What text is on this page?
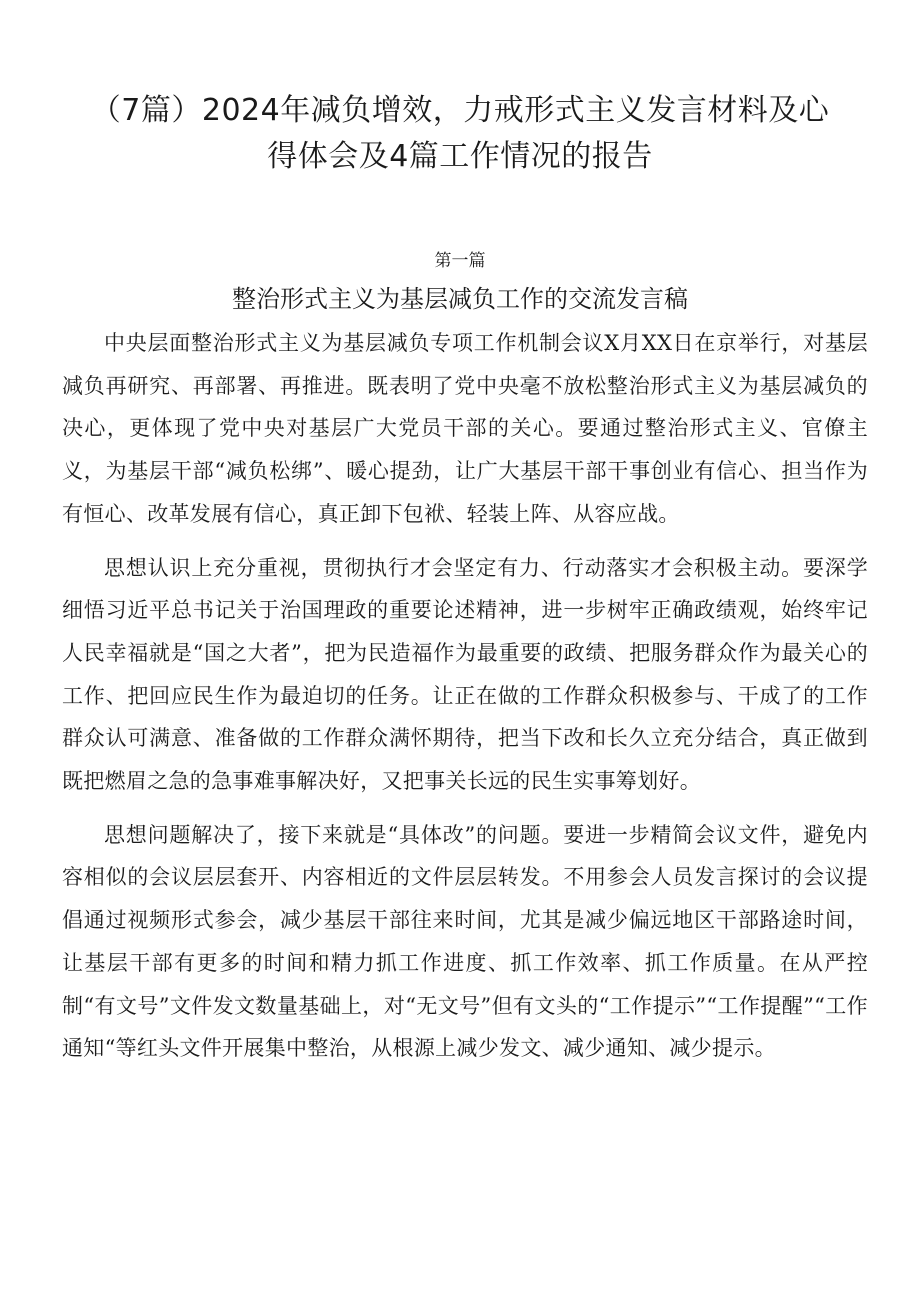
（7篇）2024年减负增效，力戒形式主义发言材料及心
得体会及4篇工作情况的报告
第一篇
整治形式主义为基层减负工作的交流发言稿

中央层面整治形式主义为基层减负专项工作机制会议X月XX日在京举行，对基层减负再研究、再部署、再推进。既表明了党中央毫不放松整治形式主义为基层减负的决心，更体现了党中央对基层广大党员干部的关心。要通过整治形式主义、官僚主义，为基层干部“减负松绑”、暖心提劲，让广大基层干部干事创业有信心、担当作为有恒心、改革发展有信心，真正卸下包袱、轻装上阵、从容应战。

思想认识上充分重视，贯彻执行才会坚定有力、行动落实才会积极主动。要深学细悟习近平总书记关于治国理政的重要论述精神，进一步树牢正确政绩观，始终牢记人民幸福就是“国之大者”，把为民造福作为最重要的政绩、把服务群众作为最关心的工作、把回应民生作为最迫切的任务。让正在做的工作群众积极参与、干成了的工作群众认可满意、准备做的工作群众满怀期待，把当下改和长久立充分结合，真正做到既把燃眉之急的急事难事解决好，又把事关长远的民生实事筹划好。

思想问题解决了，接下来就是“具体改”的问题。要进一步精简会议文件，避免内容相似的会议层层套开、内容相近的文件层层转发。不用参会人员发言探讨的会议提倡通过视频形式参会，减少基层干部往来时间，尤其是减少偏远地区干部路途时间，让基层干部有更多的时间和精力抓工作进度、抓工作效率、抓工作质量。在从严控制“有文号”文件发文数量基础上，对“无文号”但有文头的“工作提示”“工作提醒”“工作通知“等红头文件开展集中整治，从根源上减少发文、减少通知、减少提示。
